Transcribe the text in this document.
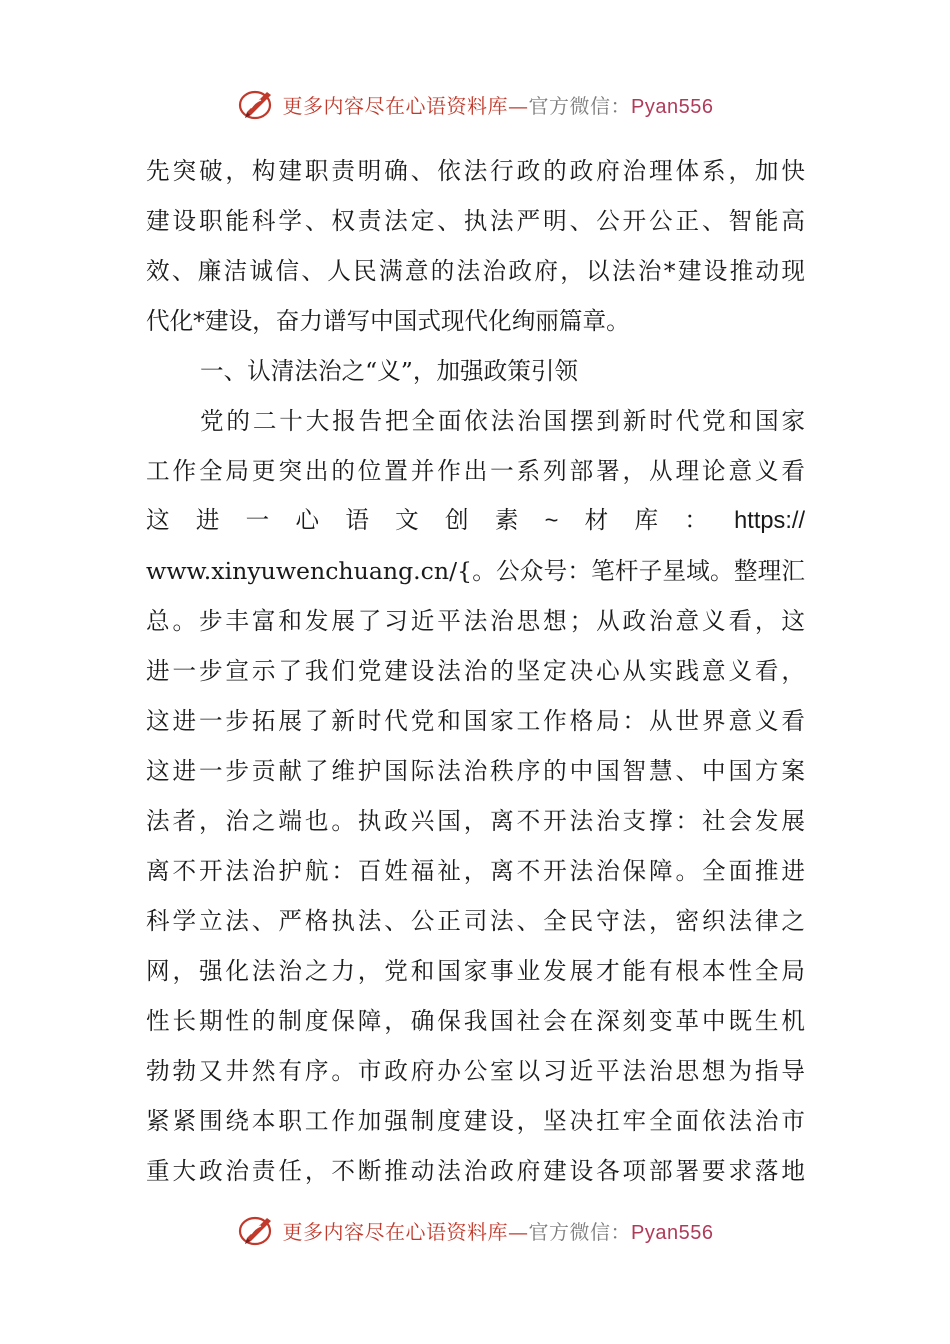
更多内容尽在心语资料库—官方微信：Pyan556
先突破，构建职责明确、依法行政的政府治理体系，加快
建设职能科学、权责法定、执法严明、公开公正、智能高
效、廉洁诚信、人民满意的法治政府，以法治*建设推动现
代化*建设，奋力谱写中国式现代化绚丽篇章。
一、认清法治之“义”，加强政策引领
党的二十大报告把全面依法治国摆到新时代党和国家
工作全局更突出的位置并作出一系列部署，从理论意义看
这进一心语文创素~材库：https://
www.xinyuwenchuang.cn/{。公众号：笔杆子星域。整理汇
总。步丰富和发展了习近平法治思想；从政治意义看，这
进一步宣示了我们党建设法治的坚定决心从实践意义看，
这进一步拓展了新时代党和国家工作格局：从世界意义看
这进一步贡献了维护国际法治秩序的中国智慧、中国方案
法者，治之端也。执政兴国，离不开法治支撑：社会发展
离不开法治护航：百姓福祉，离不开法治保障。全面推进
科学立法、严格执法、公正司法、全民守法，密织法律之
网，强化法治之力，党和国家事业发展才能有根本性全局
性长期性的制度保障，确保我国社会在深刻变革中既生机
勃勃又井然有序。市政府办公室以习近平法治思想为指导
紧紧围绕本职工作加强制度建设，坚决扛牢全面依法治市
重大政治责任，不断推动法治政府建设各项部署要求落地
更多内容尽在心语资料库—官方微信：Pyan556
